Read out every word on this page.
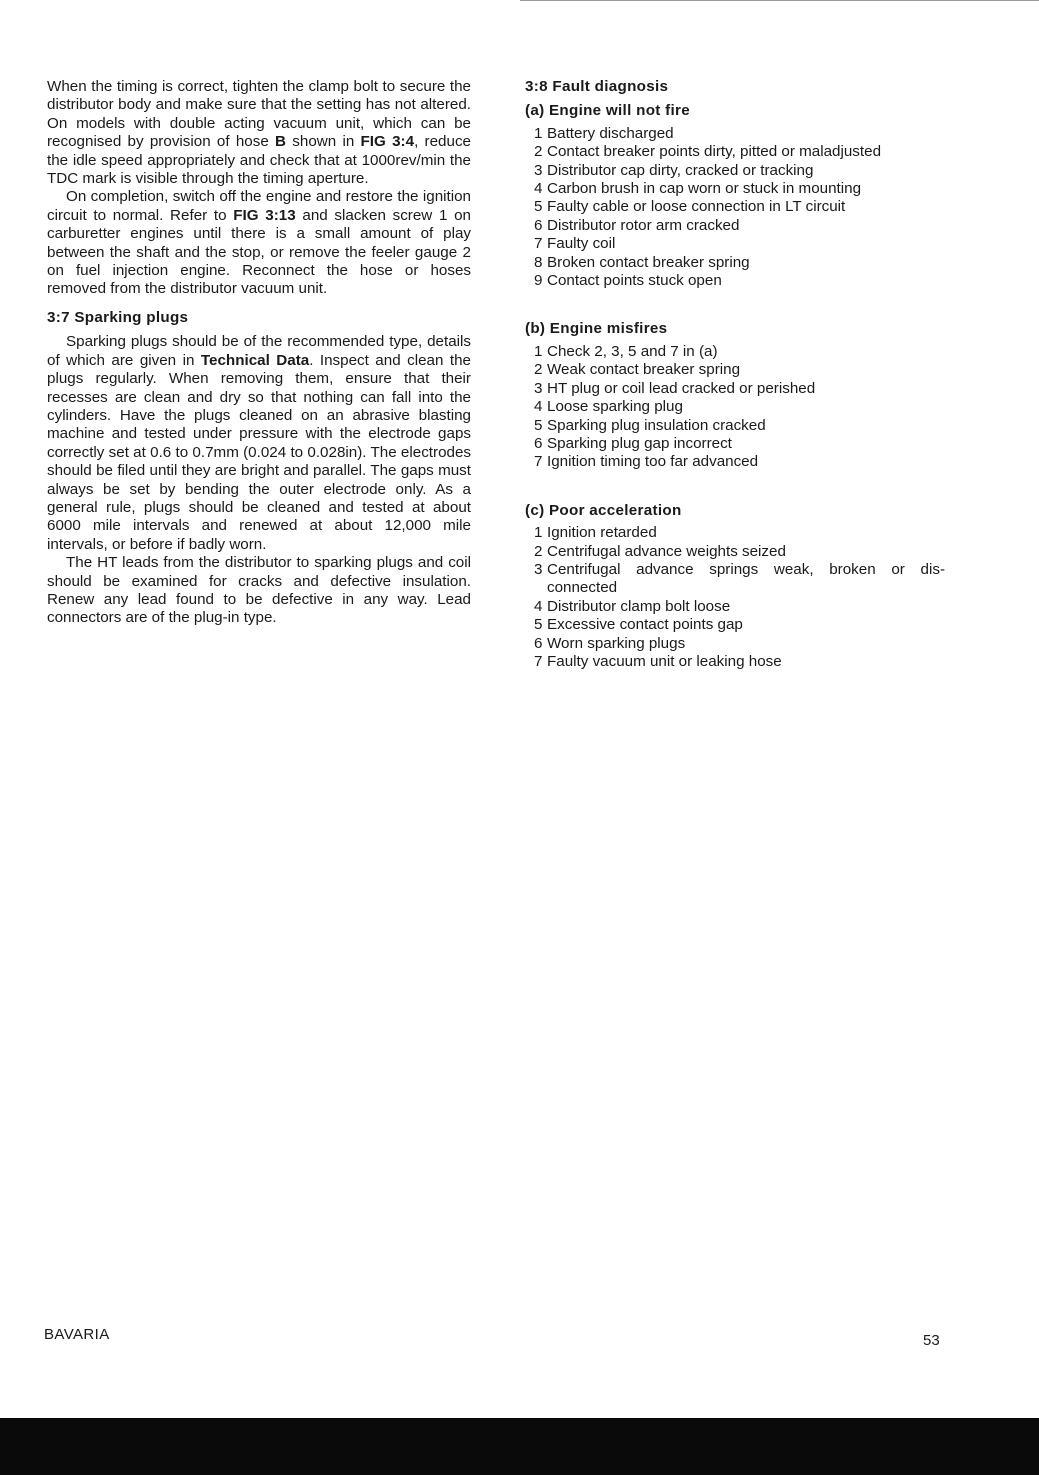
When the timing is correct, tighten the clamp bolt to secure the distributor body and make sure that the setting has not altered. On models with double acting vacuum unit, which can be recognised by provision of hose B shown in FIG 3:4, reduce the idle speed appropriately and check that at 1000rev/min the TDC mark is visible through the timing aperture.

On completion, switch off the engine and restore the ignition circuit to normal. Refer to FIG 3:13 and slacken screw 1 on carburetter engines until there is a small amount of play between the shaft and the stop, or remove the feeler gauge 2 on fuel injection engine. Reconnect the hose or hoses removed from the distributor vacuum unit.

3:7 Sparking plugs

Sparking plugs should be of the recommended type, details of which are given in Technical Data. Inspect and clean the plugs regularly. When removing them, ensure that their recesses are clean and dry so that nothing can fall into the cylinders. Have the plugs cleaned on an abrasive blasting machine and tested under pressure with the electrode gaps correctly set at 0.6 to 0.7mm (0.024 to 0.028in). The electrodes should be filed until they are bright and parallel. The gaps must always be set by bending the outer electrode only. As a general rule, plugs should be cleaned and tested at about 6000 mile intervals and renewed at about 12,000 mile intervals, or before if badly worn.

The HT leads from the distributor to sparking plugs and coil should be examined for cracks and defective insulation. Renew any lead found to be defective in any way. Lead connectors are of the plug-in type.

3:8 Fault diagnosis

(a) Engine will not fire

1 Battery discharged
2 Contact breaker points dirty, pitted or maladjusted
3 Distributor cap dirty, cracked or tracking
4 Carbon brush in cap worn or stuck in mounting
5 Faulty cable or loose connection in LT circuit
6 Distributor rotor arm cracked
7 Faulty coil
8 Broken contact breaker spring
9 Contact points stuck open

(b) Engine misfires

1 Check 2, 3, 5 and 7 in (a)
2 Weak contact breaker spring
3 HT plug or coil lead cracked or perished
4 Loose sparking plug
5 Sparking plug insulation cracked
6 Sparking plug gap incorrect
7 Ignition timing too far advanced

(c) Poor acceleration

1 Ignition retarded
2 Centrifugal advance weights seized
3 Centrifugal advance springs weak, broken or dis- connected
4 Distributor clamp bolt loose
5 Excessive contact points gap
6 Worn sparking plugs
7 Faulty vacuum unit or leaking hose
BAVARIA	53
